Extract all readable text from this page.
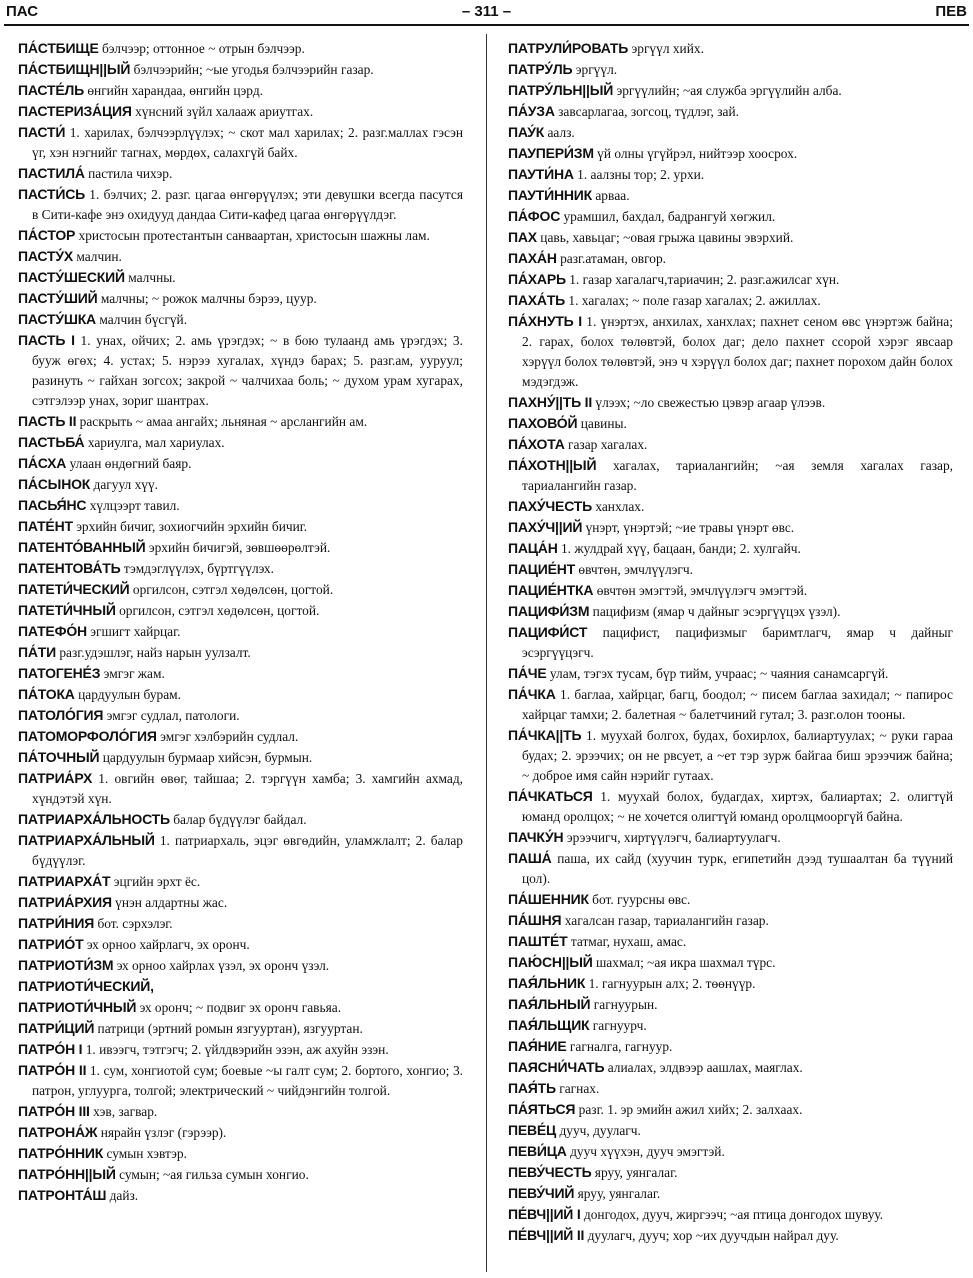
ПАС	– 311 –	ПЕВ

ПА́СТБИЩЕ бэлчээр; оттонное ~ отрын бэлчээр.

ПА́СТБИЩН||ЫЙ бэлчээрийн; ~ые угодья бэлчээрийн газар.

ПАСТЕ́ЛЬ өнгийн харандаа, өнгийн цэрд.

ПАСТЕРИЗА́ЦИЯ хүнсний зүйл халааж ариутгах.

ПАСТИ́ 1. харилах, бэлчээрлүүлэх; ~ скот мал харилах; 2. разг.маллах гэсэн үг, хэн нэгнийг тагнах, мөрдөх, салахгүй байх.

ПАСТИЛА́ пастила чихэр.

ПАСТИ́СЬ 1. бэлчих; 2. разг. цагаа өнгөрүүлэх; эти девушки всегда пасутся в Сити-кафе энэ охидууд дандаа Сити-кафед цагаа өнгөрүүлдэг.

ПА́СТОР христосын протестантын санваартан, христосын шажны лам.

ПАСТУ́Х малчин.

ПАСТУ́ШЕСКИЙ малчны.

ПАСТУ́ШИЙ малчны; ~ рожок малчны бэрээ, цуур.

ПАСТУ́ШКА малчин бүсгүй.

ПАСТЬ I 1. унах, ойчих; 2. амь үрэгдэх; ~ в бою тулаанд амь үрэгдэх; 3. бууж өгөх; 4. устах; 5. нэрээ хугалах, хүндэ барах; 5. разг.ам, ууруул; разинуть ~ гайхан зогсох; закрой ~ чалчихаа боль; ~ духом урам хугарах, сэтгэлээр унах, зориг шантрах.

ПАСТЬ II раскрыть ~ амаа ангайх; льняная ~ арслангийн ам.

ПАСТЬБА́ хариулга, мал хариулах.

ПА́СХА улаан өндөгний баяр.

ПА́СЫНОК дагуул хүү.

ПАСЬЯ́НС хүлцээрт тавил.

ПАТЕ́НТ эрхийн бичиг, зохиогчийн эрхийн бичиг.

ПАТЕНТО́ВАННЫЙ эрхийн бичигэй, зөвшөөрөлтэй.

ПАТЕНТОВА́ТЬ тэмдэглүүлэх, бүртгүүлэх.

ПАТЕТИ́ЧЕСКИЙ оргилсон, сэтгэл хөдөлсөн, цогтой.

ПАТЕТИ́ЧНЫЙ оргилсон, сэтгэл хөдөлсөн, цогтой.

ПАТЕФО́Н эгшигт хайрцаг.

ПА́ТИ разг.удэшлэг, найз нарын уулзалт.

ПАТОГЕНЕ́З эмгэг жам.

ПА́ТОКА цардуулын бурам.

ПАТОЛО́ГИЯ эмгэг судлал, патологи.

ПАТОМОРФОЛО́ГИЯ эмгэг хэлбэрийн судлал.

ПА́ТОЧНЫЙ цардуулын бурмаар хийсэн, бурмын.

ПАТРИА́РХ 1. овгийн өвөг, тайшаа; 2. тэргүүн хамба; 3. хамгийн ахмад, хүндэтэй хүн.

ПАТРИАРХА́ЛЬНОСТЬ балар бүдүүлэг байдал.

ПАТРИАРХА́ЛЬНЫЙ 1. патриархаль, эцэг өвгөдийн, уламжлалт; 2. балар бүдүүлэг.

ПАТРИАРХА́Т эцгийн эрхт ёс.

ПАТРИА́РХИЯ үнэн алдартны жас.

ПАТРИ́НИЯ бот. сэрхэлэг.

ПАТРИО́Т эх орноо хайрлагч, эх оронч.

ПАТРИОТИ́ЗМ эх орноо хайрлах үзэл, эх оронч үзэл.

ПАТРИОТИ́ЧЕСКИЙ,

ПАТРИОТИ́ЧНЫЙ эх оронч; ~ подвиг эх оронч гавьяа.

ПАТРИ́ЦИЙ патрици (эртний ромын язгууртан), язгууртан.

ПАТРО́Н I 1. ивээгч, тэтгэгч; 2. үйлдвэрийн эзэн, аж ахуйн эзэн.

ПАТРО́Н II 1. сум, хонгиотой сум; боевые ~ы галт сум; 2. бортого, хонгио; 3. патрон, углуурга, толгой; электрический ~ чийдэнгийн толгой.

ПАТРО́Н III хэв, загвар.

ПАТРОНА́Ж нярайн үзлэг (гэрээр).

ПАТРО́ННИК сумын хэвтэр.

ПАТРО́НН||ЫЙ сумын; ~ая гильза сумын хонгио.

ПАТРОНТА́Ш дайз.

ПАТРУЛИ́РОВАТЬ эргүүл хийх.

ПАТРУ́ЛЬ эргүүл.

ПАТРУ́ЛЬН||ЫЙ эргүүлийн; ~ая служба эргүүлийн алба.

ПА́УЗА завсарлагаа, зогсоц, түдлэг, зай.

ПАУ́К аалз.

ПАУПЕРИ́ЗМ үй олны үгүйрэл, нийтээр хоосрох.

ПАУТИ́НА 1. аалзны тор; 2. урхи.

ПАУТИ́ННИК арвaa.

ПА́ФОС урамшил, бахдал, бадрангуй хөгжил.

ПАХ цавь, хавьцаг; ~овая грыжа цавины эвэрхий.

ПАХА́Н разг.атаман, овгор.

ПА́ХАРЬ 1. газар хагалагч,тариачин; 2. разг.ажилсаг хүн.

ПАХА́ТЬ 1. хагалах; ~ поле газар хагалах; 2. ажиллах.

ПА́ХНУТЬ I 1. үнэртэх, анхилах, ханхлах; пахнет сеном өвс үнэртэж байна; 2. гарах, болох төлөвтэй, болох даг; дело пахнет ссорой хэрэг явсаар хэрүүл болох төлөвтэй, энэ ч хэрүүл болох даг; пахнет порохом дайн болох мэдэгдэж.

ПАХНУ́||ТЬ II үлээх; ~ло свежестью цэвэр агаар үлээв.

ПАХОВО́Й цавины.

ПА́ХОТА газар хагалах.

ПА́ХОТН||ЫЙ хагалах, тариалангийн; ~ая земля хагалах газар, тариалангийн газар.

ПАХУ́ЧЕСТЬ ханхлах.

ПАХУ́Ч||ИЙ үнэрт, үнэртэй; ~ие травы үнэрт өвс.

ПАЦА́Н 1. жулдрай хүү, бацаан, банди; 2. хулгайч.

ПАЦИЕ́НТ өвчтөн, эмчлүүлэгч.

ПАЦИЕ́НТКА өвчтөн эмэгтэй, эмчлүүлэгч эмэгтэй.

ПАЦИФИ́ЗМ пацифизм (ямар ч дайныг эсэргүүцэх үзэл).

ПАЦИФИ́СТ пацифист, пацифизмыг баримтлагч, ямар ч дайныг эсэргүүцэгч.

ПА́ЧЕ улам, тэгэх тусам, бүр тийм, учраас; ~ чаяния санамсаргүй.

ПА́ЧКА 1. баглаа, хайрцаг, багц, боодол; ~ писем баглаа захидал; ~ папирос хайрцаг тамхи; 2. балетная ~ балетчиний гутал; 3. разг.олон тооны.

ПА́ЧКА||ТЬ 1. муухай болгох, будах, бохирлох, балиартуулах; ~ руки гараа будах; 2. эрээчих; он не рвсует, а ~ет тэр зурж байгаа биш эрээчиж байна; ~ доброе имя сайн нэрийг гутаах.

ПА́ЧКАТЬСЯ 1. муухай болох, будагдах, хиртэх, балиартах; 2. олигтүй юманд оролцох; ~ не хочется олигтүй юманд оролцмооргүй байна.

ПАЧКУ́Н эрээчигч, хиртүүлэгч, балиартуулагч.

ПАША́ паша, их сайд (хуучин турк, египетийн дээд тушаалтан ба түүний цол).

ПА́ШЕННИК бот. гуурсны өвс.

ПА́ШНЯ хагалсан газар, тариалангийн газар.

ПАШТЕ́Т татмаг, нухаш, амас.

ПАЮ́СН||ЫЙ шахмал; ~ая икра шахмал түрс.

ПАЯ́ЛЬНИК 1. гагнуурын алх; 2. төөнүүр.

ПАЯ́ЛЬНЫЙ гагнуурын.

ПАЯ́ЛЬЩИК гагнуурч.

ПАЯ́НИЕ гагналга, гагнуур.

ПАЯСНИ́ЧАТЬ алиалах, элдвээр аашлах, маяглах.

ПАЯ́ТЬ гагнах.

ПА́ЯТЬСЯ разг. 1. эр эмийн ажил хийх; 2. залхаах.

ПЕВЕ́Ц дууч, дуулагч.

ПЕВИ́ЦА дууч хүүхэн, дууч эмэгтэй.

ПЕВУ́ЧЕСТЬ яруу, уянгалаг.

ПЕВУ́ЧИЙ яруу, уянгалаг.

ПЕ́ВЧ||ИЙ I донгодох, дууч, жиргээч; ~ая птица донгодох шувуу.

ПЕ́ВЧ||ИЙ II дуулагч, дууч; хор ~их дуучдын найрал дуу.
